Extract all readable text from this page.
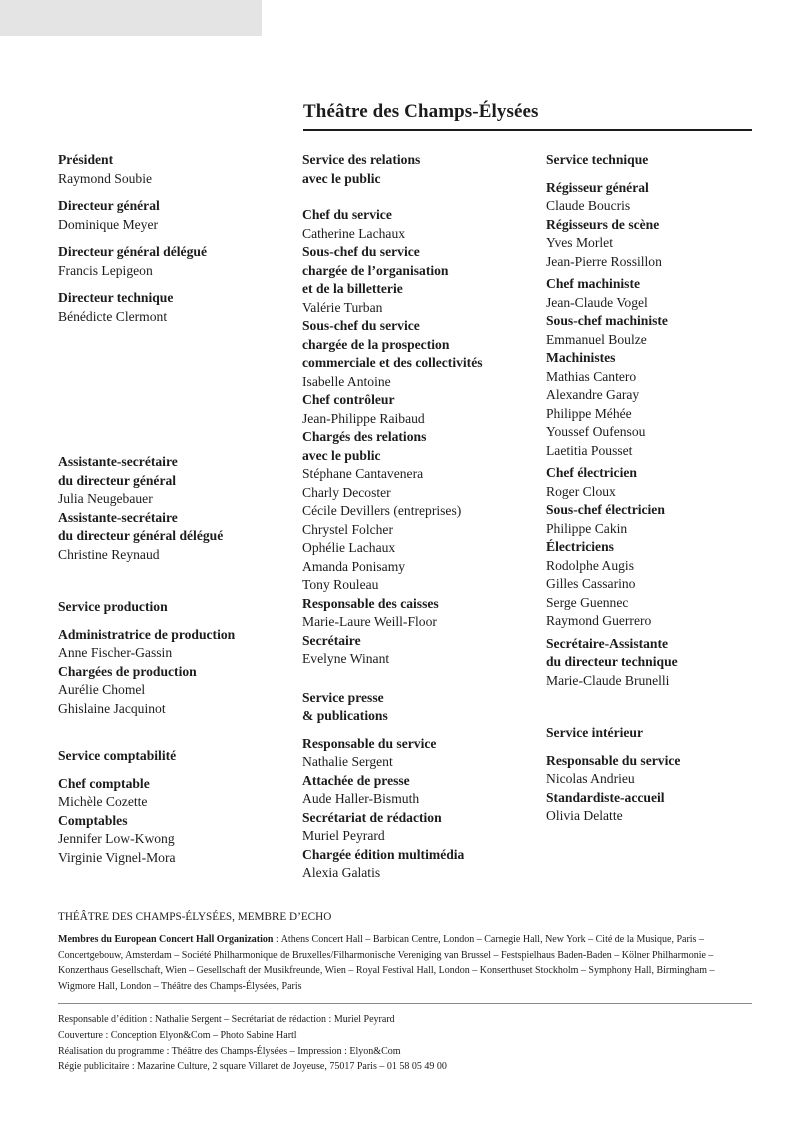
Théâtre des Champs-Élysées
Président
Raymond Soubie
Directeur général
Dominique Meyer
Directeur général délégué
Francis Lepigeon
Directeur technique
Bénédicte Clermont
Assistante-secrétaire
du directeur général
Julia Neugebauer
Assistante-secrétaire
du directeur général délégué
Christine Reynaud
Service production
Administratrice de production
Anne Fischer-Gassin
Chargées de production
Aurélie Chomel
Ghislaine Jacquinot
Service comptabilité
Chef comptable
Michèle Cozette
Comptables
Jennifer Low-Kwong
Virginie Vignel-Mora
Service des relations
avec le public
Chef du service
Catherine Lachaux
Sous-chef du service
chargée de l’organisation
et de la billetterie
Valérie Turban
Sous-chef du service
chargée de la prospection
commerciale et des collectivités
Isabelle Antoine
Chef contrôleur
Jean-Philippe Raibaud
Chargés des relations
avec le public
Stéphane Cantavenera
Charly Decoster
Cécile Devillers (entreprises)
Chrystel Folcher
Ophélie Lachaux
Amanda Ponisamy
Tony Rouleau
Responsable des caisses
Marie-Laure Weill-Floor
Secrétaire
Evelyne Winant
Service presse
& publications
Responsable du service
Nathalie Sergent
Attachée de presse
Aude Haller-Bismuth
Secrétariat de rédaction
Muriel Peyrard
Chargée édition multimédia
Alexia Galatis
Service technique
Régisseur général
Claude Boucris
Régisseurs de scène
Yves Morlet
Jean-Pierre Rossillon
Chef machiniste
Jean-Claude Vogel
Sous-chef machiniste
Emmanuel Boulze
Machinistes
Mathias Cantero
Alexandre Garay
Philippe Méhée
Youssef Oufensou
Laetitia Pousset
Chef électricien
Roger Cloux
Sous-chef électricien
Philippe Cakin
Électriciens
Rodolphe Augis
Gilles Cassarino
Serge Guennec
Raymond Guerrero
Secrétaire-Assistante
du directeur technique
Marie-Claude Brunelli
Service intérieur
Responsable du service
Nicolas Andrieu
Standardiste-accueil
Olivia Delatte
THÉÂTRE DES CHAMPS-ÉLYSÉES, MEMBRE D’ECHO
Membres du European Concert Hall Organization : Athens Concert Hall – Barbican Centre, London – Carnegie Hall, New York – Cité de la Musique, Paris – Concertgebouw, Amsterdam – Société Philharmonique de Bruxelles/Filharmonische Vereniging van Brussel – Festspielhaus Baden-Baden – Kölner Philharmonie – Konzerthaus Gesellschaft, Wien – Gesellschaft der Musikfreunde, Wien – Royal Festival Hall, London – Konserthuset Stockholm – Symphony Hall, Birmingham – Wigmore Hall, London – Théâtre des Champs-Élysées, Paris
Responsable d’édition : Nathalie Sergent – Secrétariat de rédaction : Muriel Peyrard
Couverture : Conception Elyon&Com – Photo Sabine Hartl
Réalisation du programme : Théâtre des Champs-Élysées – Impression : Elyon&Com
Régie publicitaire : Mazarine Culture, 2 square Villaret de Joyeuse, 75017 Paris – 01 58 05 49 00
